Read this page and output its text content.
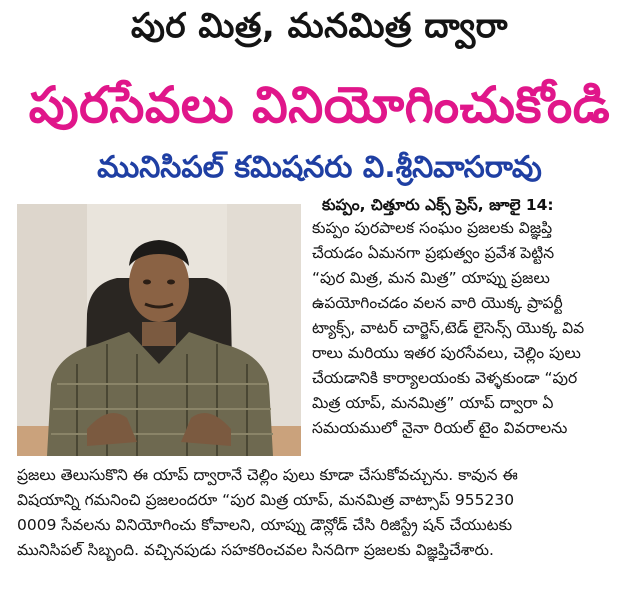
పుర మిత్ర, మనమిత్ర ద్వారా
పురసేవలు వినియోగించుకోండి
మునిసిపల్ కమిషనరు వి.శ్రీనివాసరావు
కుప్పం, చిత్తూరు ఎక్స్ ప్రెస్, జూలై 14:
కుప్పం పురపాలక సంఘం ప్రజలకు విజ్ఞప్తి
చేయడం ఏమనగా ప్రభుత్వం ప్రవేశ పెట్టిన
“పుర మిత్ర, మన మిత్ర” యాప్ను ప్రజలు
ఉపయోగించడం వలన వారి యొక్క ప్రాపర్టీ
ట్యాక్స్, వాటర్ చార్జెస్,టెడ్ లైసెన్స్ యొక్క వివ
రాలు మరియు ఇతర పురసేవలు, చెల్లిం పులు
చేయడానికి కార్యాలయంకు వెళ్ళకుండా “పుర
మిత్ర యాప్, మనమిత్ర” యాప్ ద్వారా ఏ
సమయములో నైనా రియల్ టైం వివరాలను
ప్రజలు తెలుసుకొని ఈ యాప్ ద్వారానే చెల్లిం పులు కూడా చేసుకోవచ్చును. కావున ఈ
విషయాన్ని గమనించి ప్రజలందరూ “పుర మిత్ర యాప్, మనమిత్ర వాట్సాప్ 955230
0009 సేవలను వినియోగించు కోవాలని, యాప్ను డౌన్లోడ్ చేసి రిజిస్ట్రే షన్ చేయుటకు
మునిసిపల్ సిబ్బంది. వచ్చినపుడు సహకరించవల సినదిగా ప్రజలకు విజ్ఞప్తిచేశారు.
